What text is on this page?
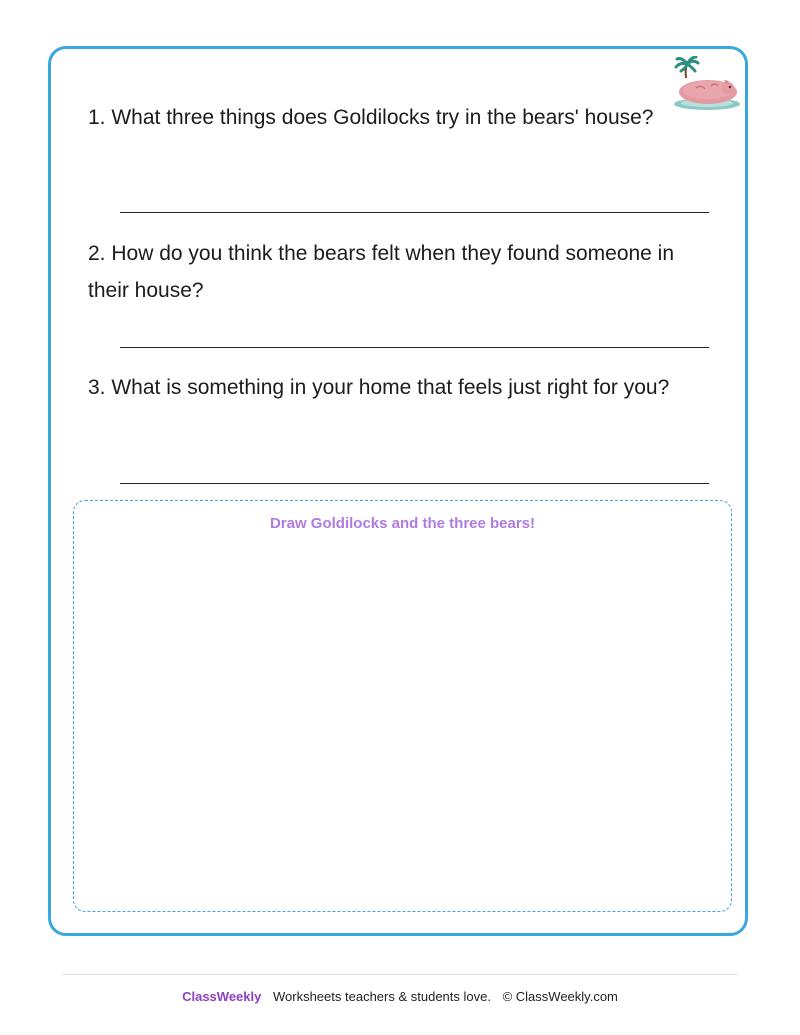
1. What three things does Goldilocks try in the bears' house?
2. How do you think the bears felt when they found someone in their house?
3. What is something in your home that feels just right for you?
Draw Goldilocks and the three bears!
ClassWeekly Worksheets teachers & students love. © ClassWeekly.com
